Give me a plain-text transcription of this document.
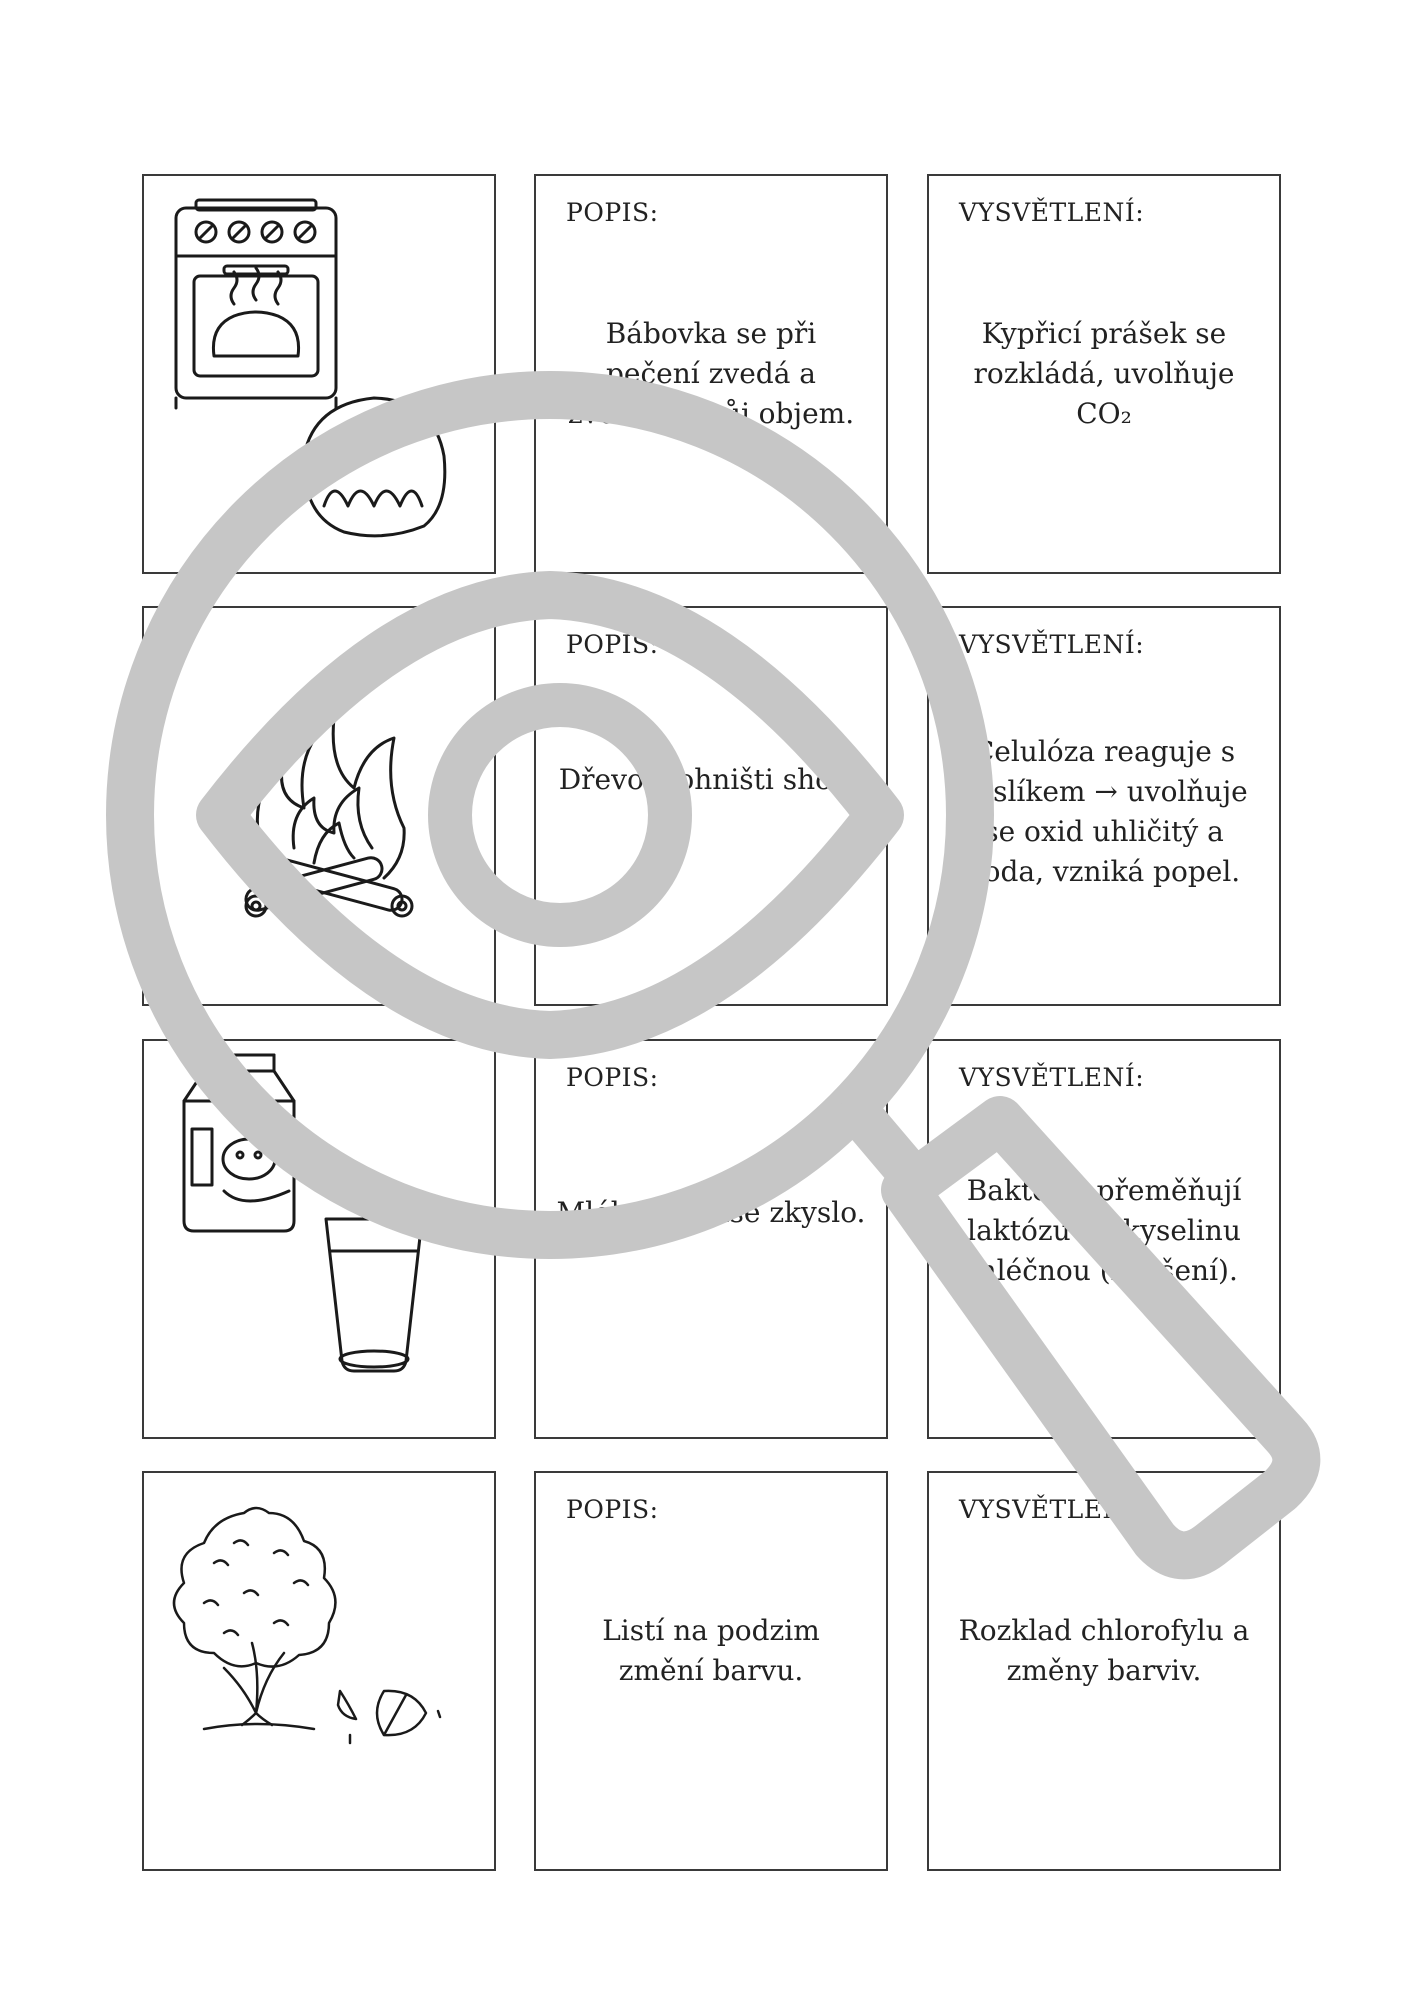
POPIS:
Bábovka se při pečení zvedá a zvětšuje svůj objem.
VYSVĚTLENÍ:
Kypřicí prášek se rozkládá, uvolňuje CO₂
POPIS:
Dřevo v ohništi shoří.
VYSVĚTLENÍ:
Celulóza reaguje s kyslíkem → uvolňuje se oxid uhličitý a voda, vzniká popel.
POPIS:
Mléko po čase zkyslo.
VYSVĚTLENÍ:
Bakterie přeměňují laktózu na kyselinu mléčnou (kvašení).
POPIS:
Listí na podzim změní barvu.
VYSVĚTLENÍ:
Rozklad chlorofylu a změny barviv.
